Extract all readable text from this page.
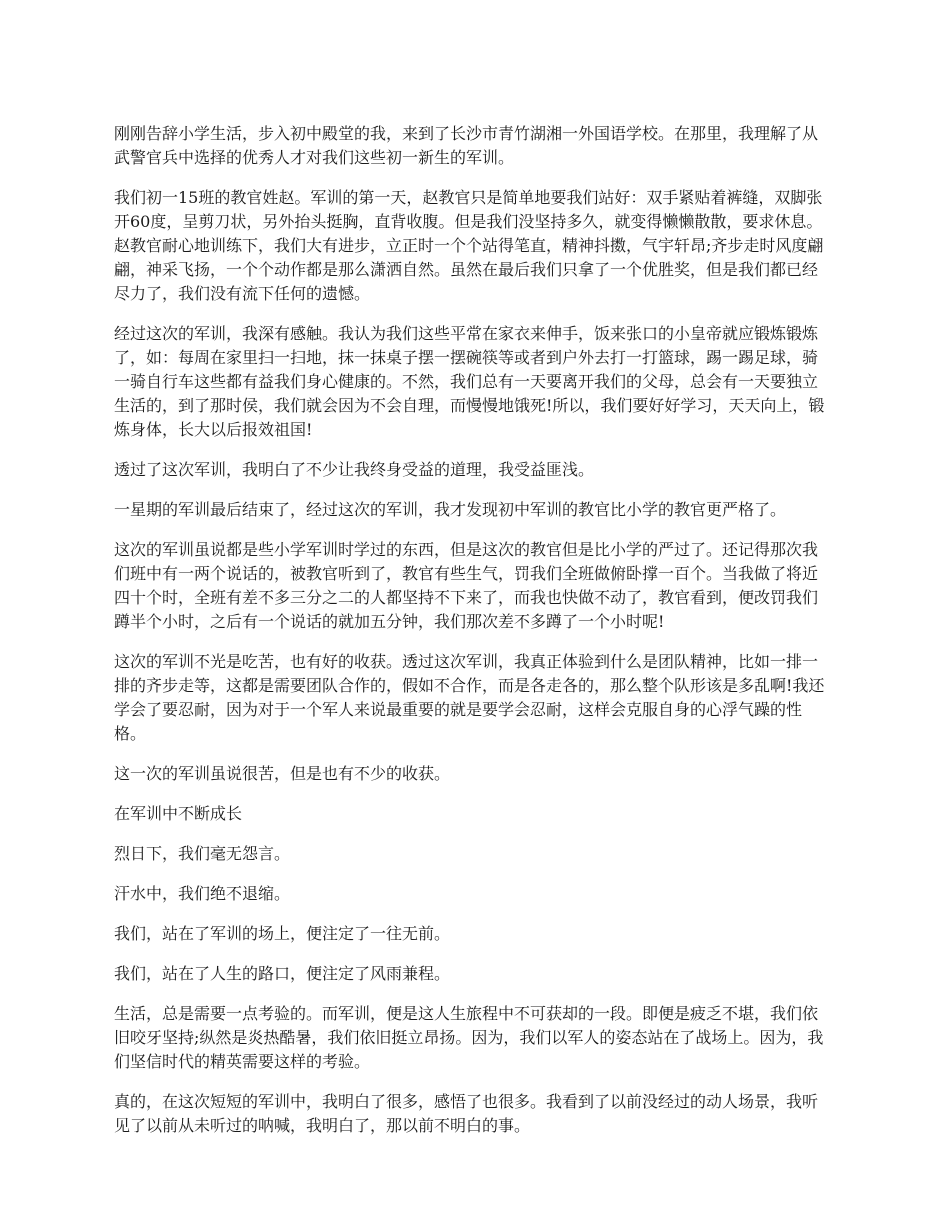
刚刚告辞小学生活，步入初中殿堂的我，来到了长沙市青竹湖湘一外国语学校。在那里，我理解了从武警官兵中选择的优秀人才对我们这些初一新生的军训。

我们初一15班的教官姓赵。军训的第一天，赵教官只是简单地要我们站好：双手紧贴着裤缝，双脚张开60度，呈剪刀状，另外抬头挺胸，直背收腹。但是我们没坚持多久，就变得懒懒散散，要求休息。赵教官耐心地训练下，我们大有进步，立正时一个个站得笔直，精神抖擞，气宇轩昂;齐步走时风度翩翩，神采飞扬，一个个动作都是那么潇洒自然。虽然在最后我们只拿了一个优胜奖，但是我们都已经尽力了，我们没有流下任何的遗憾。

经过这次的军训，我深有感触。我认为我们这些平常在家衣来伸手，饭来张口的小皇帝就应锻炼锻炼了，如：每周在家里扫一扫地，抹一抹桌子摆一摆碗筷等或者到户外去打一打篮球，踢一踢足球，骑一骑自行车这些都有益我们身心健康的。不然，我们总有一天要离开我们的父母，总会有一天要独立生活的，到了那时侯，我们就会因为不会自理，而慢慢地饿死!所以，我们要好好学习，天天向上，锻炼身体，长大以后报效祖国!

透过了这次军训，我明白了不少让我终身受益的道理，我受益匪浅。

一星期的军训最后结束了，经过这次的军训，我才发现初中军训的教官比小学的教官更严格了。

这次的军训虽说都是些小学军训时学过的东西，但是这次的教官但是比小学的严过了。还记得那次我们班中有一两个说话的，被教官听到了，教官有些生气，罚我们全班做俯卧撑一百个。当我做了将近四十个时，全班有差不多三分之二的人都坚持不下来了，而我也快做不动了，教官看到，便改罚我们蹲半个小时，之后有一个说话的就加五分钟，我们那次差不多蹲了一个小时呢!

这次的军训不光是吃苦，也有好的收获。透过这次军训，我真正体验到什么是团队精神，比如一排一排的齐步走等，这都是需要团队合作的，假如不合作，而是各走各的，那么整个队形该是多乱啊!我还学会了要忍耐，因为对于一个军人来说最重要的就是要学会忍耐，这样会克服自身的心浮气躁的性格。

这一次的军训虽说很苦，但是也有不少的收获。

在军训中不断成长

烈日下，我们毫无怨言。

汗水中，我们绝不退缩。

我们，站在了军训的场上，便注定了一往无前。

我们，站在了人生的路口，便注定了风雨兼程。

生活，总是需要一点考验的。而军训，便是这人生旅程中不可获却的一段。即便是疲乏不堪，我们依旧咬牙坚持;纵然是炎热酷暑，我们依旧挺立昂扬。因为，我们以军人的姿态站在了战场上。因为，我们坚信时代的精英需要这样的考验。

真的，在这次短短的军训中，我明白了很多，感悟了也很多。我看到了以前没经过的动人场景，我听见了以前从未听过的呐喊，我明白了，那以前不明白的事。
